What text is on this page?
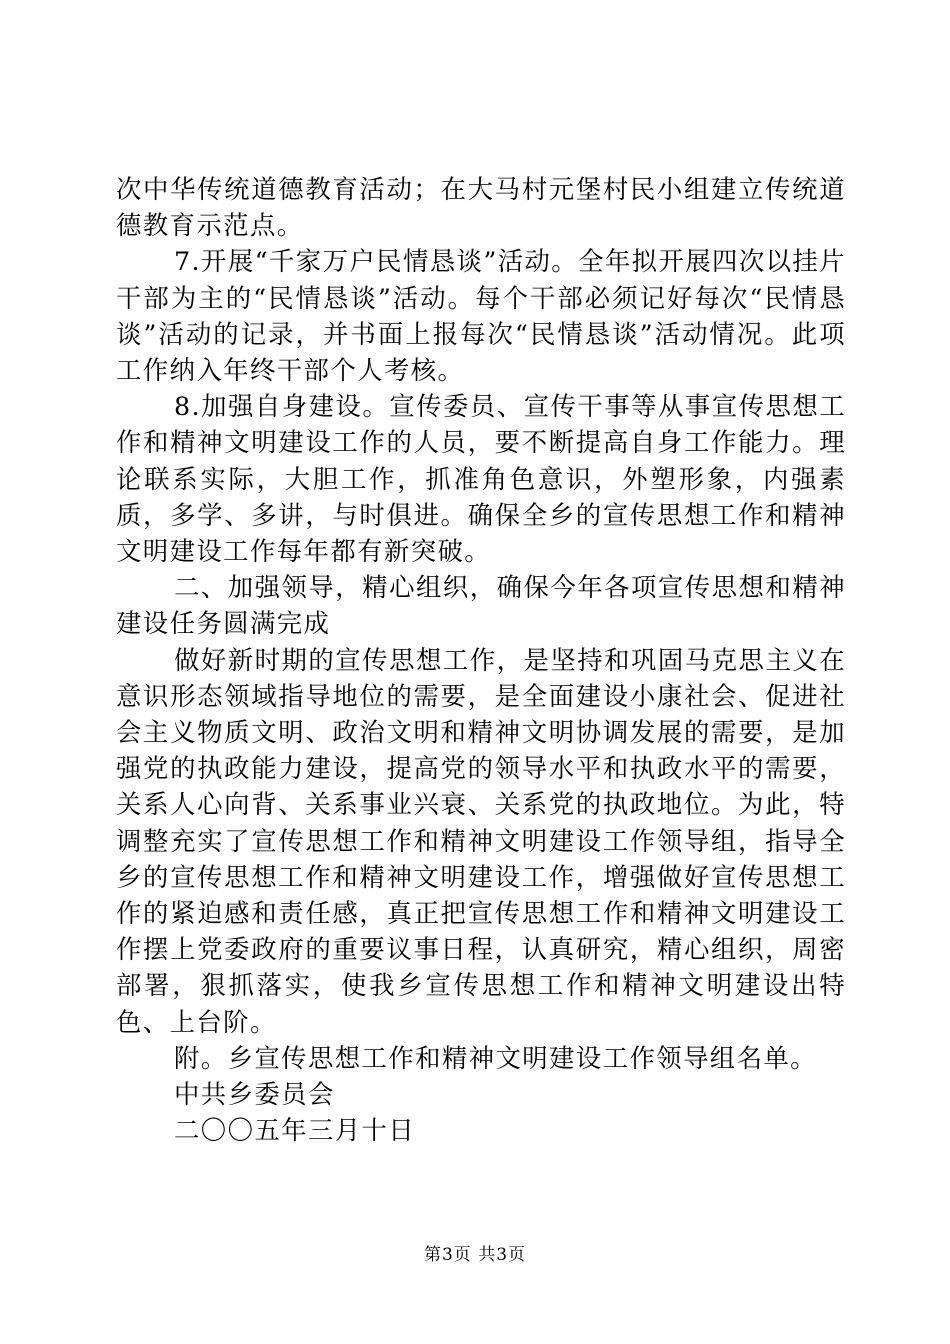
次中华传统道德教育活动；在大马村元堡村民小组建立传统道德教育示范点。

7.开展“千家万户民情恳谈”活动。全年拟开展四次以挂片干部为主的“民情恳谈”活动。每个干部必须记好每次“民情恳谈”活动的记录，并书面上报每次“民情恳谈”活动情况。此项工作纳入年终干部个人考核。

8.加强自身建设。宣传委员、宣传干事等从事宣传思想工作和精神文明建设工作的人员，要不断提高自身工作能力。理论联系实际，大胆工作，抓准角色意识，外塑形象，内强素质，多学、多讲，与时俱进。确保全乡的宣传思想工作和精神文明建设工作每年都有新突破。

二、加强领导，精心组织，确保今年各项宣传思想和精神建设任务圆满完成

做好新时期的宣传思想工作，是坚持和巩固马克思主义在意识形态领域指导地位的需要，是全面建设小康社会、促进社会主义物质文明、政治文明和精神文明协调发展的需要，是加强党的执政能力建设，提高党的领导水平和执政水平的需要，关系人心向背、关系事业兴衰、关系党的执政地位。为此，特调整充实了宣传思想工作和精神文明建设工作领导组，指导全乡的宣传思想工作和精神文明建设工作，增强做好宣传思想工作的紧迫感和责任感，真正把宣传思想工作和精神文明建设工作摆上党委政府的重要议事日程，认真研究，精心组织，周密部署，狠抓落实，使我乡宣传思想工作和精神文明建设出特色、上台阶。

附。乡宣传思想工作和精神文明建设工作领导组名单。

中共乡委员会

二〇〇五年三月十日

第3页 共3页
